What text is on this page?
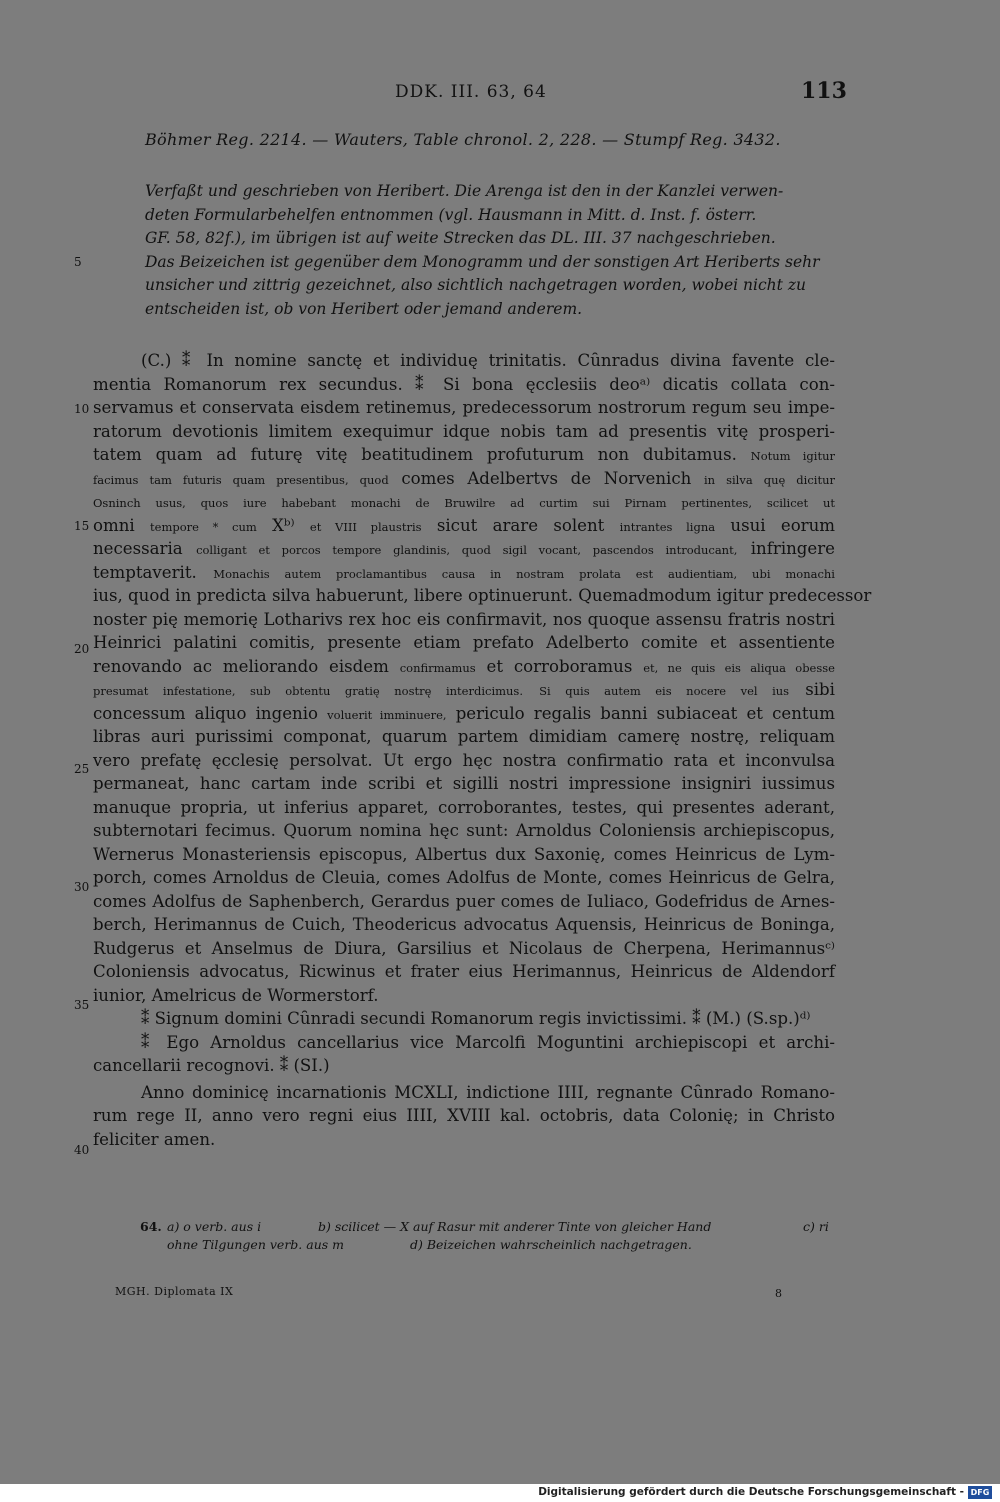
DDK. III. 63, 64	113
Böhmer Reg. 2214. — Wauters, Table chronol. 2, 228. — Stumpf Reg. 3432.
5
Verfaßt und geschrieben von Heribert. Die Arenga ist den in der Kanzlei verwen-
deten Formularbehelfen entnommen (vgl. Hausmann in Mitt. d. Inst. f. österr.
GF. 58, 82f.), im übrigen ist auf weite Strecken das DL. III. 37 nachgeschrieben.
Das Beizeichen ist gegenüber dem Monogramm und der sonstigen Art Heriberts sehr
unsicher und zittrig gezeichnet, also sichtlich nachgetragen worden, wobei nicht zu
entscheiden ist, ob von Heribert oder jemand anderem.
10
15
20
25
30
35
40
(C.) ⁑ In nomine sanctę et individuę trinitatis. Cȗnradus divina favente cle-
mentia Romanorum rex secundus. ⁑ Si bona ęcclesiis deoᵃ⁾ dicatis collata con-
servamus et conservata eisdem retinemus, predecessorum nostrorum regum seu impe-
ratorum devotionis limitem exequimur idque nobis tam ad presentis vitę prosperi-
tatem quam ad futurę vitę beatitudinem profuturum non dubitamus. Notum igitur
facimus tam futuris quam presentibus, quod comes Adelbertvs de Norvenich in silva quę dicitur
Osninch usus, quos iure habebant monachi de Bruwilre ad curtim sui Pirnam pertinentes, scilicet ut
omni tempore * cum Xᵇ⁾ et VIII plaustris sicut arare solent intrantes ligna usui eorum
necessaria colligant et porcos tempore glandinis, quod sigil vocant, pascendos introducant, infringere
temptaverit. Monachis autem proclamantibus causa in nostram prolata est audientiam, ubi monachi
ius, quod in predicta silva habuerunt, libere optinuerunt. Quemadmodum igitur predecessor
noster pię memorię Lotharivs rex hoc eis confirmavit, nos quoque assensu fratris nostri
Heinrici palatini comitis, presente etiam prefato Adelberto comite et assentiente
renovando ac meliorando eisdem confirmamus et corroboramus et, ne quis eis aliqua obesse
presumat infestatione, sub obtentu gratię nostrę interdicimus. Si quis autem eis nocere vel ius sibi
concessum aliquo ingenio voluerit imminuere, periculo regalis banni subiaceat et centum
libras auri purissimi componat, quarum partem dimidiam camerę nostrę, reliquam
vero prefatę ęcclesię persolvat. Ut ergo hęc nostra confirmatio rata et inconvulsa
permaneat, hanc cartam inde scribi et sigilli nostri impressione insigniri iussimus
manuque propria, ut inferius apparet, corroborantes, testes, qui presentes aderant,
subternotari fecimus. Quorum nomina hęc sunt: Arnoldus Coloniensis archiepiscopus,
Wernerus Monasteriensis episcopus, Albertus dux Saxonię, comes Heinricus de Lym-
porch, comes Arnoldus de Cleuia, comes Adolfus de Monte, comes Heinricus de Gelra,
comes Adolfus de Saphenberch, Gerardus puer comes de Iuliaco, Godefridus de Arnes-
berch, Herimannus de Cuich, Theodericus advocatus Aquensis, Heinricus de Boninga,
Rudgerus et Anselmus de Diura, Garsilius et Nicolaus de Cherpena, Herimannusᶜ⁾
Coloniensis advocatus, Ricwinus et frater eius Herimannus, Heinricus de Aldendorf
iunior, Amelricus de Wormerstorf.
⁑ Signum domini Cȗnradi secundi Romanorum regis invictissimi. ⁑ (M.) (S.sp.)ᵈ⁾
⁑ Ego Arnoldus cancellarius vice Marcolfi Moguntini archiepiscopi et archi-
cancellarii recognovi. ⁑ (SI.)
Anno dominicę incarnationis MCXLI, indictione IIII, regnante Cȗnrado Romano-
rum rege II, anno vero regni eius IIII, XVIII kal. octobris, data Colonię; in Christo
feliciter amen.
64. a) o verb. aus i	b) scilicet — X auf Rasur mit anderer Tinte von gleicher Hand	c) ri
ohne Tilgungen verb. aus m	d) Beizeichen wahrscheinlich nachgetragen.
MGH. Diplomata IX	8
Digitalisierung gefördert durch die Deutsche Forschungsgemeinschaft - DFG
